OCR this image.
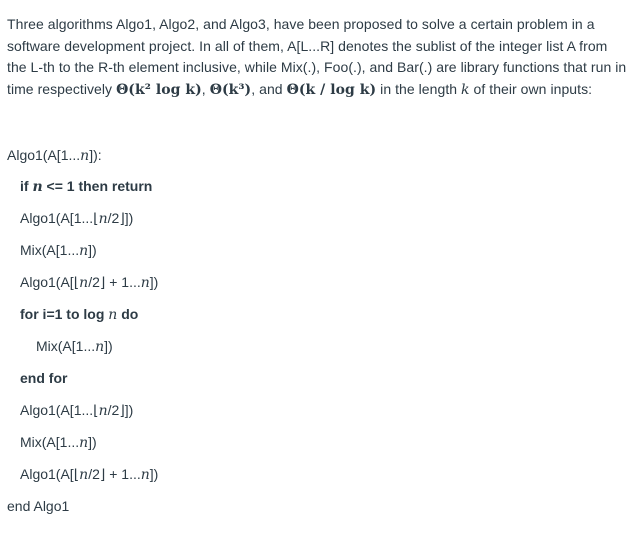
Three algorithms Algo1, Algo2, and Algo3, have been proposed to solve a certain problem in a

software development project. In all of them, A[L...R] denotes the sublist of the integer list A from

the L-th to the R-th element inclusive, while Mix(.), Foo(.), and Bar(.) are library functions that run in

time respectively Θ(k² log k), Θ(k³), and Θ(k / log k) in the length k of their own inputs:

Algo1(A[1...n]):
if n <= 1 then return
Algo1(A[1...⌊n/2⌋])
Mix(A[1...n])
Algo1(A[⌊n/2⌋ + 1...n])
for i=1 to log n do
Mix(A[1...n])
end for
Algo1(A[1...⌊n/2⌋])
Mix(A[1...n])
Algo1(A[⌊n/2⌋ + 1...n])
end Algo1
